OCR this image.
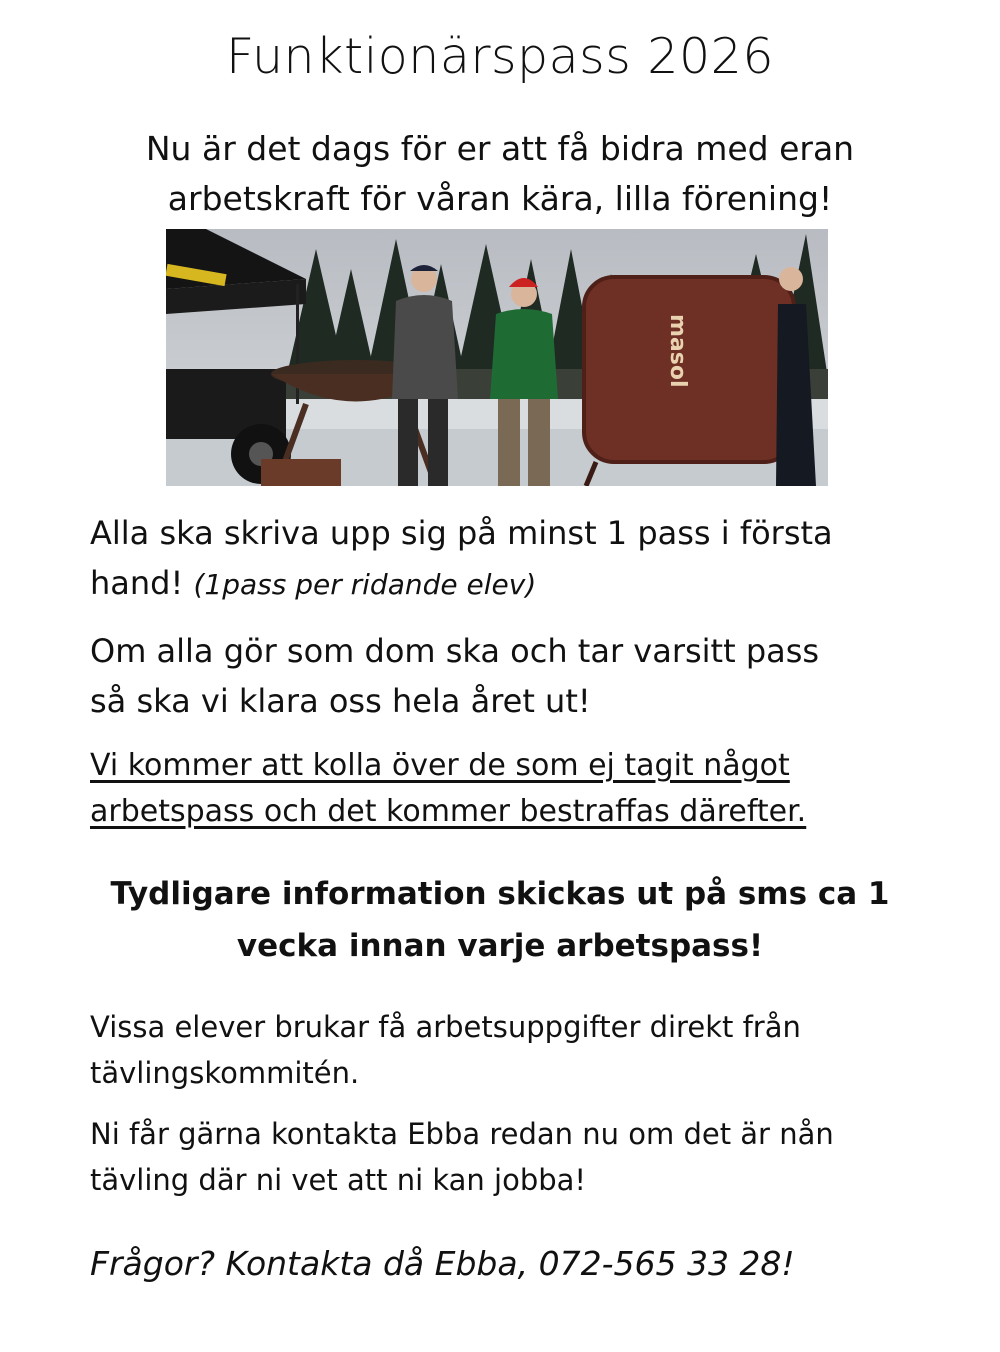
Funktionärspass 2026
Nu är det dags för er att få bidra med eran
arbetskraft för våran kära, lilla förening!
masol
Alla ska skriva upp sig på minst 1 pass i första
hand! (1pass per ridande elev)
Om alla gör som dom ska och tar varsitt pass
så ska vi klara oss hela året ut!
Vi kommer att kolla över de som ej tagit något
arbetspass och det kommer bestraffas därefter.
Tydligare information skickas ut på sms ca 1
vecka innan varje arbetspass!
Vissa elever brukar få arbetsuppgifter direkt från
tävlingskommitén.
Ni får gärna kontakta Ebba redan nu om det är nån
tävling där ni vet att ni kan jobba!
Frågor? Kontakta då Ebba, 072-565 33 28!
